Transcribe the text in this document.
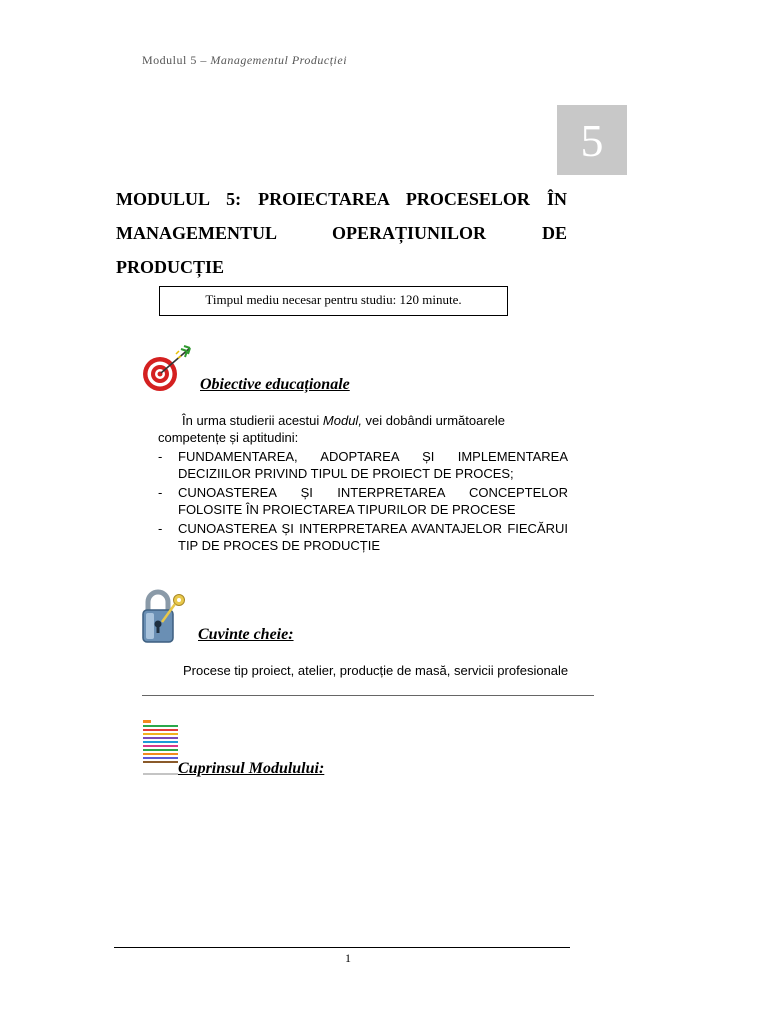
Modulul 5 – Managementul Producției
5
MODULUL 5: PROIECTAREA PROCESELOR ÎN
MANAGEMENTUL OPERAȚIUNILOR DE
PRODUCȚIE
Timpul mediu necesar pentru studiu: 120 minute.
Obiective educaționale
În urma studierii acestui Modul, vei dobândi următoarele competențe și aptitudini:
- FUNDAMENTAREA, ADOPTAREA ȘI IMPLEMENTAREA DECIZIILOR PRIVIND TIPUL DE PROIECT DE PROCES;
- CUNOASTEREA ȘI INTERPRETAREA CONCEPTELOR FOLOSITE ÎN PROIECTAREA TIPURILOR DE PROCESE
- CUNOASTEREA ȘI INTERPRETAREA AVANTAJELOR FIECĂRUI TIP DE PROCES DE PRODUCȚIE
Cuvinte cheie:
Procese tip proiect, atelier, producție de masă, servicii profesionale
Cuprinsul Modulului:
1
